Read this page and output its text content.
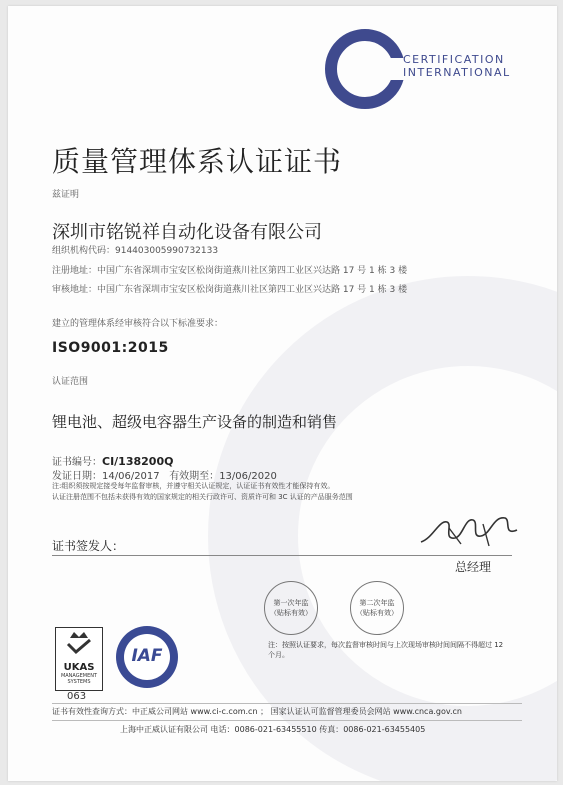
CERTIFICATION
INTERNATIONAL
质量管理体系认证证书
兹证明
深圳市铭锐祥自动化设备有限公司
组织机构代码：914403005990732133
注册地址：中国广东省深圳市宝安区松岗街道燕川社区第四工业区兴达路 17 号 1 栋 3 楼
审核地址：中国广东省深圳市宝安区松岗街道燕川社区第四工业区兴达路 17 号 1 栋 3 楼
建立的管理体系经审核符合以下标准要求：
ISO9001:2015
认证范围
锂电池、超级电容器生产设备的制造和销售
证书编号：CI/138200Q
发证日期：14/06/2017 有效期至：13/06/2020
注:组织须按规定接受每年监督审核，并遵守相关认证规定，认证证书有效性才能保持有效。
认证注册范围不包括未获得有效的国家规定的相关行政许可、资质许可和 3C 认证的产品服务范围
证书签发人：
总经理
第一次年监
（贴标有效）
第二次年监
（贴标有效）
注：按照认证要求，每次监督审核时间与上次现场审核时间间隔不得超过 12 个月。
UKAS
MANAGEMENT SYSTEMS
063
IAF
证书有效性查询方式：中正威公司网站 www.ci-c.com.cn ； 国家认证认可监督管理委员会网站 www.cnca.gov.cn
上海中正威认证有限公司 电话：0086-021-63455510 传真：0086-021-63455405
